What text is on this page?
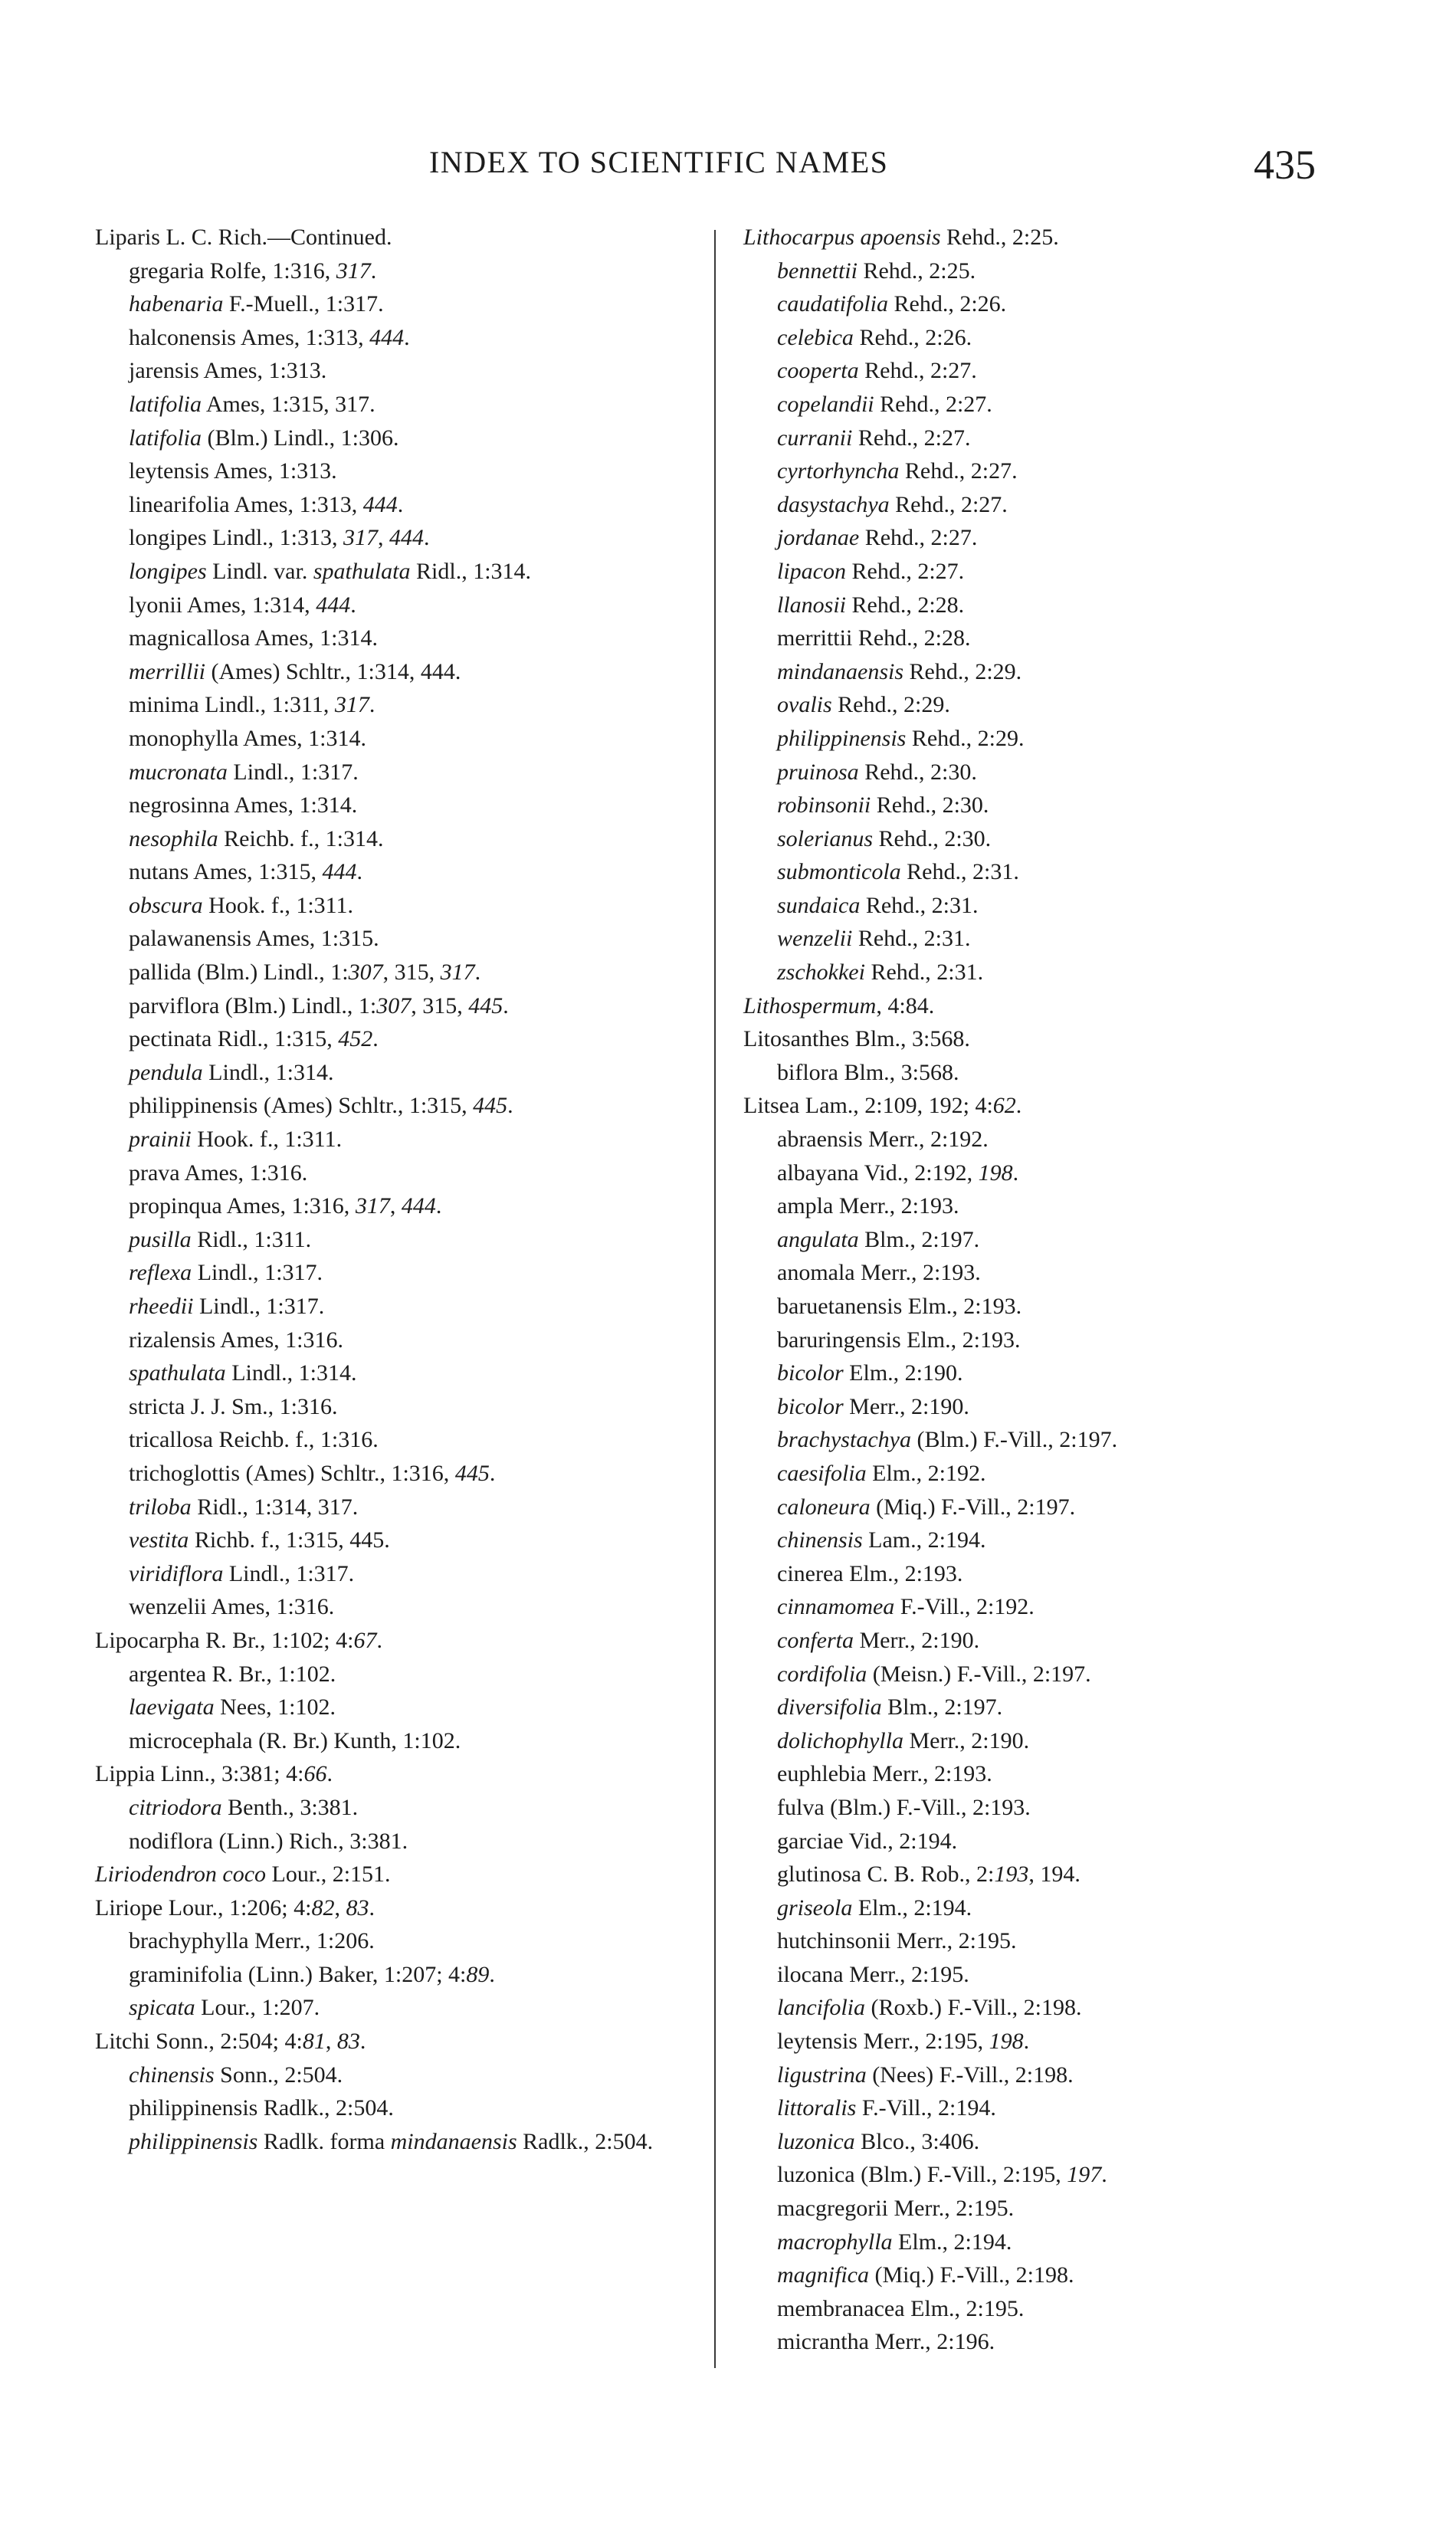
INDEX TO SCIENTIFIC NAMES	435
Liparis L. C. Rich.—Continued.
gregaria Rolfe, 1:316, 317.
habenaria F.-Muell., 1:317.
halconensis Ames, 1:313, 444.
jarensis Ames, 1:313.
latifolia Ames, 1:315, 317.
latifolia (Blm.) Lindl., 1:306.
leytensis Ames, 1:313.
linearifolia Ames, 1:313, 444.
longipes Lindl., 1:313, 317, 444.
longipes Lindl. var. spathulata Ridl., 1:314.
lyonii Ames, 1:314, 444.
magnicallosa Ames, 1:314.
merrillii (Ames) Schltr., 1:314, 444.
minima Lindl., 1:311, 317.
monophylla Ames, 1:314.
mucronata Lindl., 1:317.
negrosinna Ames, 1:314.
nesophila Reichb. f., 1:314.
nutans Ames, 1:315, 444.
obscura Hook. f., 1:311.
palawanensis Ames, 1:315.
pallida (Blm.) Lindl., 1:307, 315, 317.
parviflora (Blm.) Lindl., 1:307, 315, 445.
pectinata Ridl., 1:315, 452.
pendula Lindl., 1:314.
philippinensis (Ames) Schltr., 1:315, 445.
prainii Hook. f., 1:311.
prava Ames, 1:316.
propinqua Ames, 1:316, 317, 444.
pusilla Ridl., 1:311.
reflexa Lindl., 1:317.
rheedii Lindl., 1:317.
rizalensis Ames, 1:316.
spathulata Lindl., 1:314.
stricta J. J. Sm., 1:316.
tricallosa Reichb. f., 1:316.
trichoglottis (Ames) Schltr., 1:316, 445.
triloba Ridl., 1:314, 317.
vestita Richb. f., 1:315, 445.
viridiflora Lindl., 1:317.
wenzelii Ames, 1:316.
Lipocarpha R. Br., 1:102; 4:67.
argentea R. Br., 1:102.
laevigata Nees, 1:102.
microcephala (R. Br.) Kunth, 1:102.
Lippia Linn., 3:381; 4:66.
citriodora Benth., 3:381.
nodiflora (Linn.) Rich., 3:381.
Liriodendron coco Lour., 2:151.
Liriope Lour., 1:206; 4:82, 83.
brachyphylla Merr., 1:206.
graminifolia (Linn.) Baker, 1:207; 4:89.
spicata Lour., 1:207.
Litchi Sonn., 2:504; 4:81, 83.
chinensis Sonn., 2:504.
philippinensis Radlk., 2:504.
philippinensis Radlk. forma mindanaensis Radlk., 2:504.
Lithocarpus apoensis Rehd., 2:25.
bennettii Rehd., 2:25.
caudatifolia Rehd., 2:26.
celebica Rehd., 2:26.
cooperta Rehd., 2:27.
copelandii Rehd., 2:27.
curranii Rehd., 2:27.
cyrtorhyncha Rehd., 2:27.
dasystachya Rehd., 2:27.
jordanae Rehd., 2:27.
lipacon Rehd., 2:27.
llanosii Rehd., 2:28.
merrittii Rehd., 2:28.
mindanaensis Rehd., 2:29.
ovalis Rehd., 2:29.
philippinensis Rehd., 2:29.
pruinosa Rehd., 2:30.
robinsonii Rehd., 2:30.
solerianus Rehd., 2:30.
submonticola Rehd., 2:31.
sundaica Rehd., 2:31.
wenzelii Rehd., 2:31.
zschokkei Rehd., 2:31.
Lithospermum, 4:84.
Litosanthes Blm., 3:568.
biflora Blm., 3:568.
Litsea Lam., 2:109, 192; 4:62.
abraensis Merr., 2:192.
albayana Vid., 2:192, 198.
ampla Merr., 2:193.
angulata Blm., 2:197.
anomala Merr., 2:193.
baruetanensis Elm., 2:193.
baruringensis Elm., 2:193.
bicolor Elm., 2:190.
bicolor Merr., 2:190.
brachystachya (Blm.) F.-Vill., 2:197.
caesifolia Elm., 2:192.
caloneura (Miq.) F.-Vill., 2:197.
chinensis Lam., 2:194.
cinerea Elm., 2:193.
cinnamomea F.-Vill., 2:192.
conferta Merr., 2:190.
cordifolia (Meisn.) F.-Vill., 2:197.
diversifolia Blm., 2:197.
dolichophylla Merr., 2:190.
euphlebia Merr., 2:193.
fulva (Blm.) F.-Vill., 2:193.
garciae Vid., 2:194.
glutinosa C. B. Rob., 2:193, 194.
griseola Elm., 2:194.
hutchinsonii Merr., 2:195.
ilocana Merr., 2:195.
lancifolia (Roxb.) F.-Vill., 2:198.
leytensis Merr., 2:195, 198.
ligustrina (Nees) F.-Vill., 2:198.
littoralis F.-Vill., 2:194.
luzonica Blco., 3:406.
luzonica (Blm.) F.-Vill., 2:195, 197.
macgregorii Merr., 2:195.
macrophylla Elm., 2:194.
magnifica (Miq.) F.-Vill., 2:198.
membranacea Elm., 2:195.
micrantha Merr., 2:196.
